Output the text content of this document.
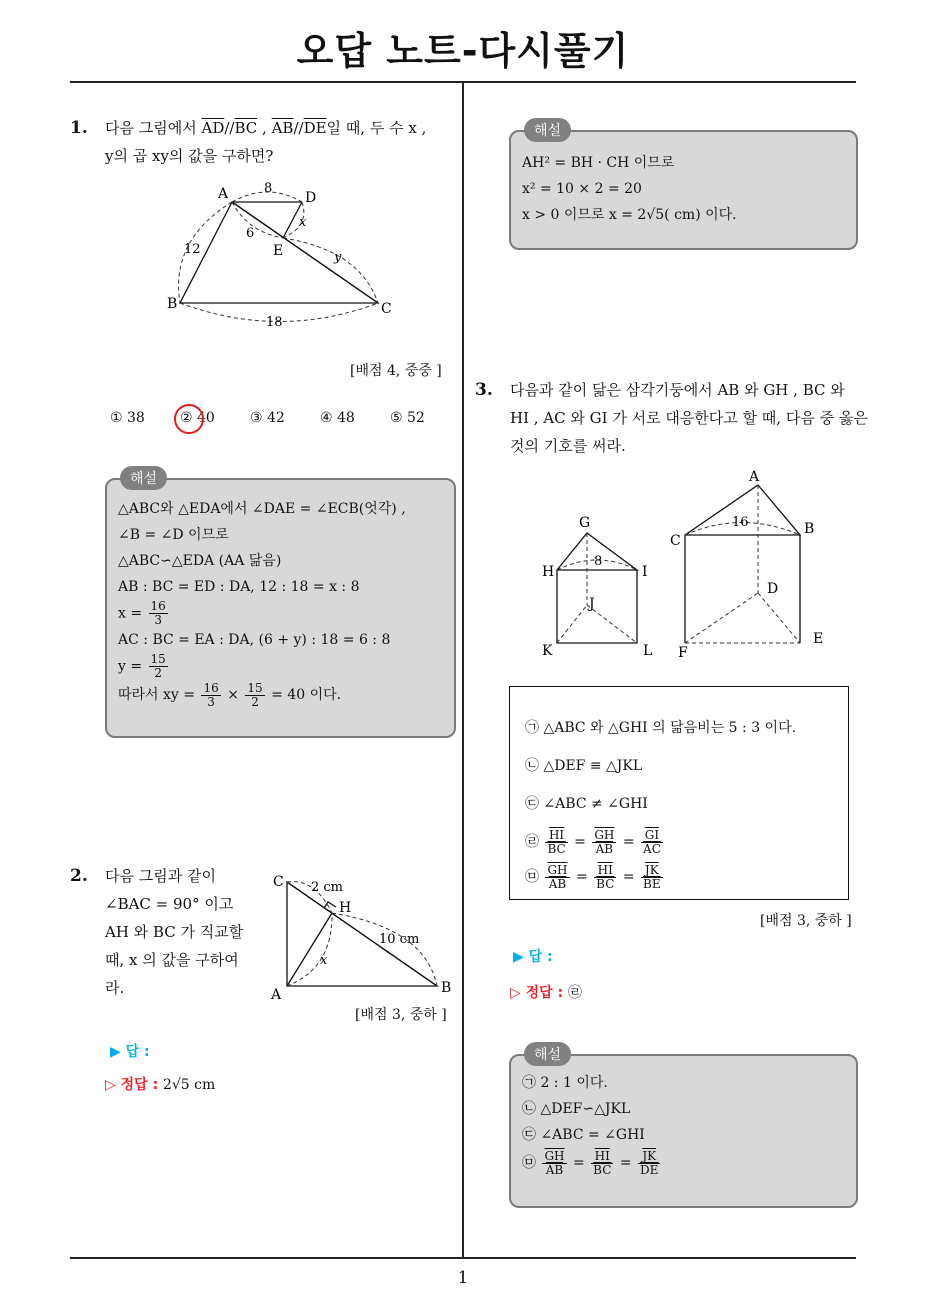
오답 노트-다시풀기
1. 다음 그림에서 $\overline{AD}//\overline{BC}$ , $\overline{AB}//\overline{DE}$일 때, 두 수 x ,
y의 곱 xy의 값을 구하면?
A	D
E
B	C
8
6
12
18
x
y
[배점 4, 중중 ]
① 38	② 40	③ 42	④ 48	⑤ 52
해설
△ABC와 △EDA에서 ∠DAE = ∠ECB(엇각) ,
∠B = ∠D 이므로
△ABC∽△EDA (AA 닮음)
AB : BC = ED : DA, 12 : 18 = x : 8
$x = \frac{16}{3}$
AC : BC = EA : DA, (6 + y) : 18 = 6 : 8
$y = \frac{15}{2}$
따라서 xy = $\frac{16}{3} \times \frac{15}{2} = 40$ 이다.
2. 다음 그림과 같이
∠BAC = 90° 이고
AH 와 BC 가 직교할
때, x 의 값을 구하여
라.
C
H
A	B
2 cm
10 cm
x
[배점 3, 중하 ]
▶ 답 :
▷ 정답 : 2√5 cm
해설
AH² = BH · CH 이므로
x² = 10 × 2 = 20
x > 0 이므로 x = 2√5( cm) 이다.
3. 다음과 같이 닮은 삼각기둥에서 AB 와 GH , BC 와
HI , AC 와 GI 가 서로 대응한다고 할 때, 다음 중 옳은
것의 기호를 써라.
G
H	I
J
K	L
8
A
C
B
D
E
F
16
㉠ △ABC 와 △GHI 의 닮음비는 5 : 3 이다.
㉡ △DEF ≡ △JKL
㉢ ∠ABC ≠ ∠GHI
㉣ $\frac{\overline{HI}}{BC} = \frac{\overline{GH}}{AB} = \frac{\overline{GI}}{AC}$
㉤ $\frac{\overline{GH}}{AB} = \frac{\overline{HI}}{BC} = \frac{\overline{JK}}{BE}$
[배점 3, 중하 ]
▶ 답 :
▷ 정답 : ㉣
해설
㉠ 2 : 1 이다.
㉡ △DEF∽△JKL
㉢ ∠ABC = ∠GHI
㉤ $\frac{\overline{GH}}{AB} = \frac{\overline{HI}}{BC} = \frac{\overline{JK}}{DE}$
1
